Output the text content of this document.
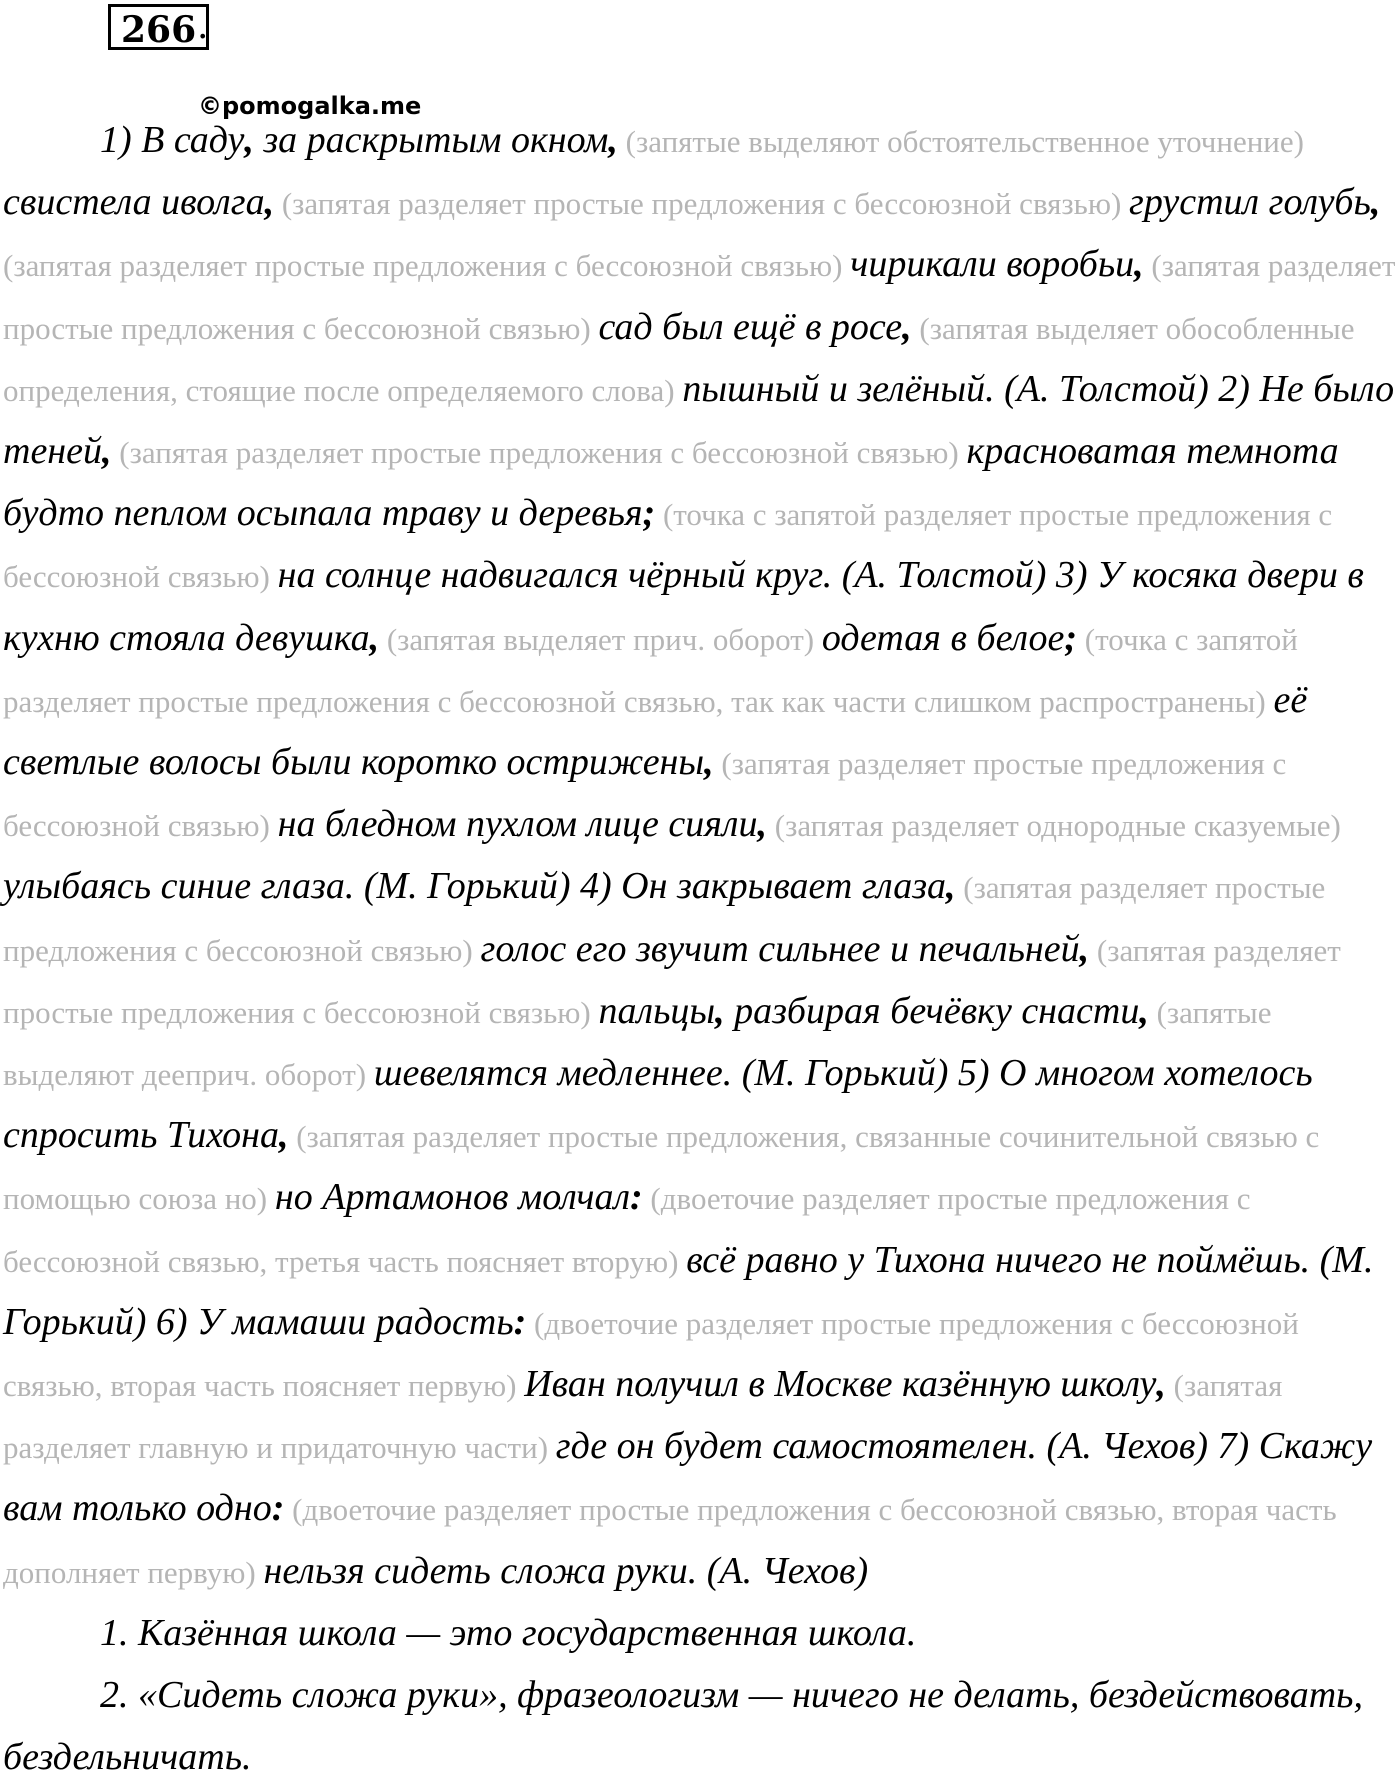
266 .
©pomogalka.me

1) В саду, за раскрытым окном, (запятые выделяют обстоятельственное уточнение) свистела иволга, (запятая разделяет простые предложения с бессоюзной связью) грустил голубь, (запятая разделяет простые предложения с бессоюзной связью) чирикали воробьи, (запятая разделяет простые предложения с бессоюзной связью) сад был ещё в росе, (запятая выделяет обособленные определения, стоящие после определяемого слова) пышный и зелёный. (А. Толстой) 2) Не было теней, (запятая разделяет простые предложения с бессоюзной связью) красноватая темнота будто пеплом осыпала траву и деревья; (точка с запятой разделяет простые предложения с бессоюзной связью) на солнце надвигался чёрный круг. (А. Толстой) 3) У косяка двери в кухню стояла девушка, (запятая выделяет прич. оборот) одетая в белое; (точка с запятой разделяет простые предложения с бессоюзной связью, так как части слишком распространены) её светлые волосы были коротко острижены, (запятая разделяет простые предложения с бессоюзной связью) на бледном пухлом лице сияли, (запятая разделяет однородные сказуемые) улыбаясь синие глаза. (М. Горький) 4) Он закрывает глаза, (запятая разделяет простые предложения с бессоюзной связью) голос его звучит сильнее и печальней, (запятая разделяет простые предложения с бессоюзной связью) пальцы, разбирая бечёвку снасти, (запятые выделяют дееприч. оборот) шевелятся медленнее. (М. Горький) 5) О многом хотелось спросить Тихона, (запятая разделяет простые предложения, связанные сочинительной связью с помощью союза но) но Артамонов молчал: (двоеточие разделяет простые предложения с бессоюзной связью, третья часть поясняет вторую) всё равно у Тихона ничего не поймёшь. (М. Горький) 6) У мамаши радость: (двоеточие разделяет простые предложения с бессоюзной связью, вторая часть поясняет первую) Иван получил в Москве казённую школу, (запятая разделяет главную и придаточную части) где он будет самостоятелен. (А. Чехов) 7) Скажу вам только одно: (двоеточие разделяет простые предложения с бессоюзной связью, вторая часть дополняет первую) нельзя сидеть сложа руки. (А. Чехов)

1. Казённая школа — это государственная школа.

2. «Сидеть сложа руки», фразеологизм — ничего не делать, бездействовать, бездельничать.
